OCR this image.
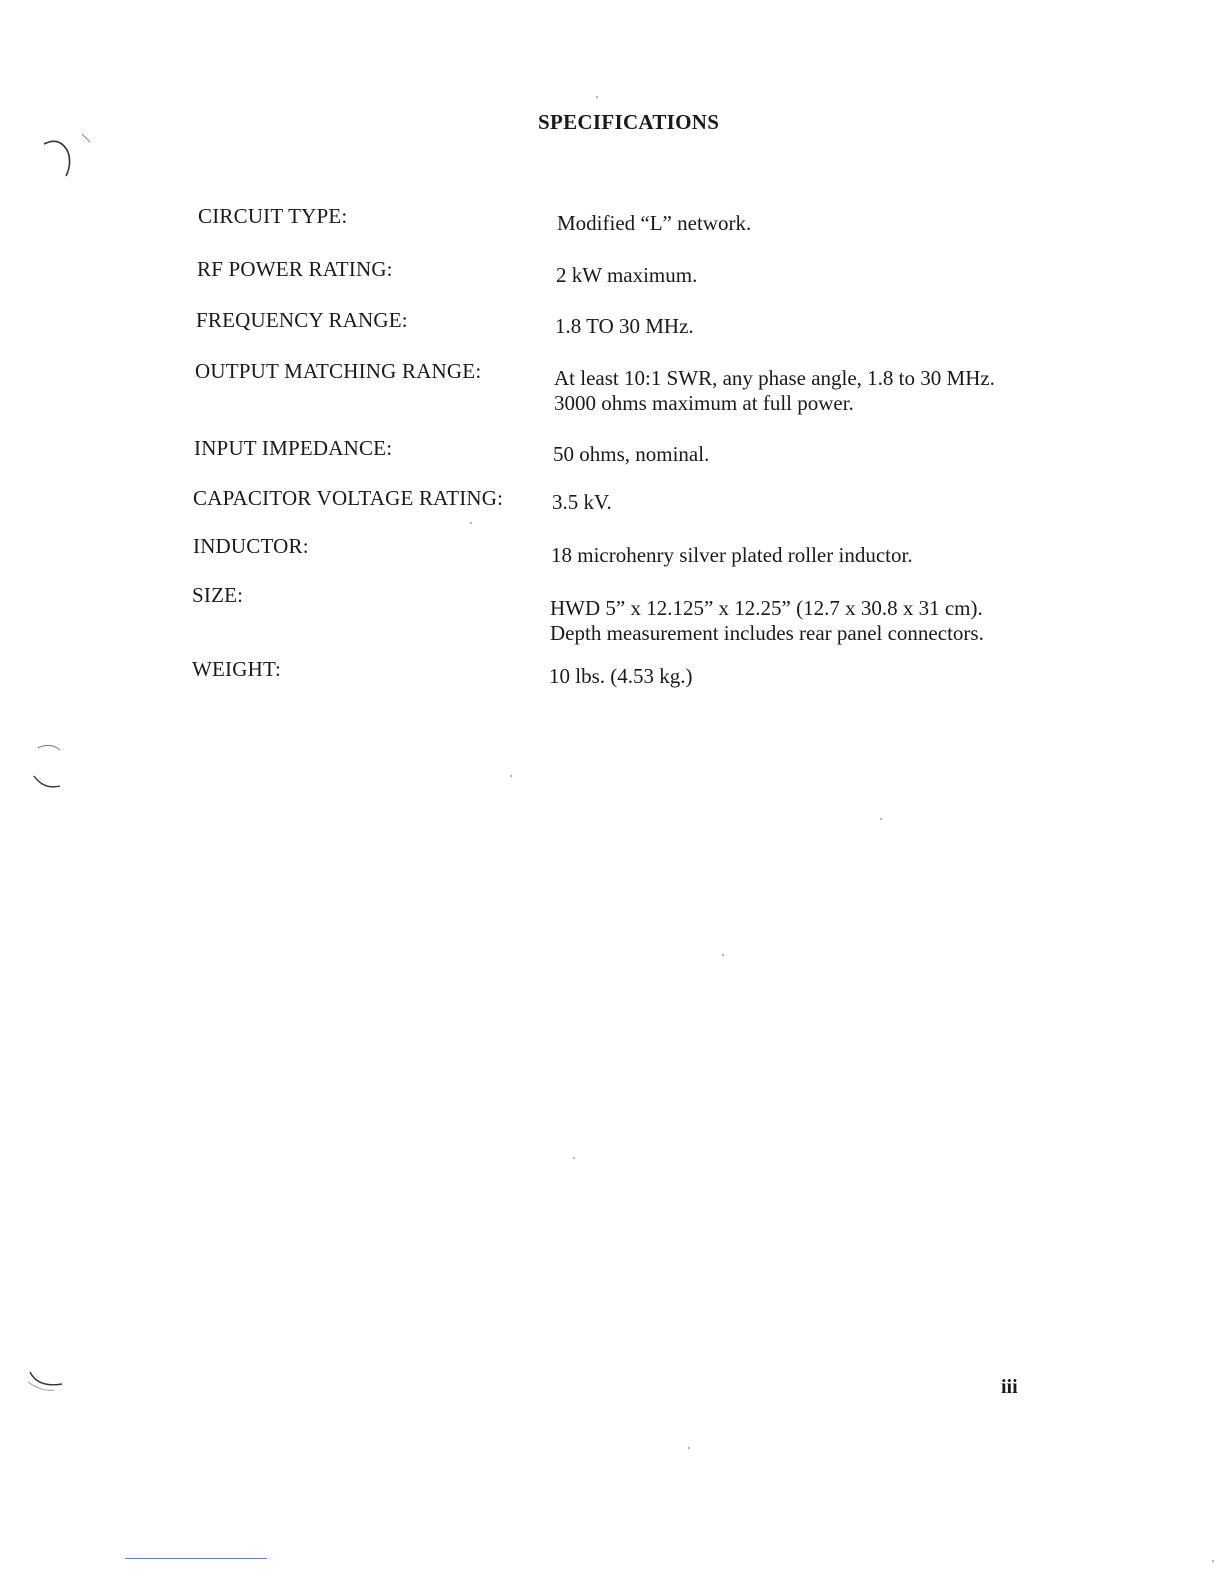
SPECIFICATIONS
CIRCUIT TYPE:	Modified “L” network.
RF POWER RATING:	2 kW maximum.
FREQUENCY RANGE:	1.8 TO 30 MHz.
OUTPUT MATCHING RANGE:	At least 10:1 SWR, any phase angle, 1.8 to 30 MHz.
3000 ohms maximum at full power.
INPUT IMPEDANCE:	50 ohms, nominal.
CAPACITOR VOLTAGE RATING: 3.5 kV.
INDUCTOR:	18 microhenry silver plated roller inductor.
SIZE:
HWD 5” x 12.125” x 12.25” (12.7 x 30.8 x 31 cm).
Depth measurement includes rear panel connectors.
WEIGHT:	10 lbs. (4.53 kg.)
iii
